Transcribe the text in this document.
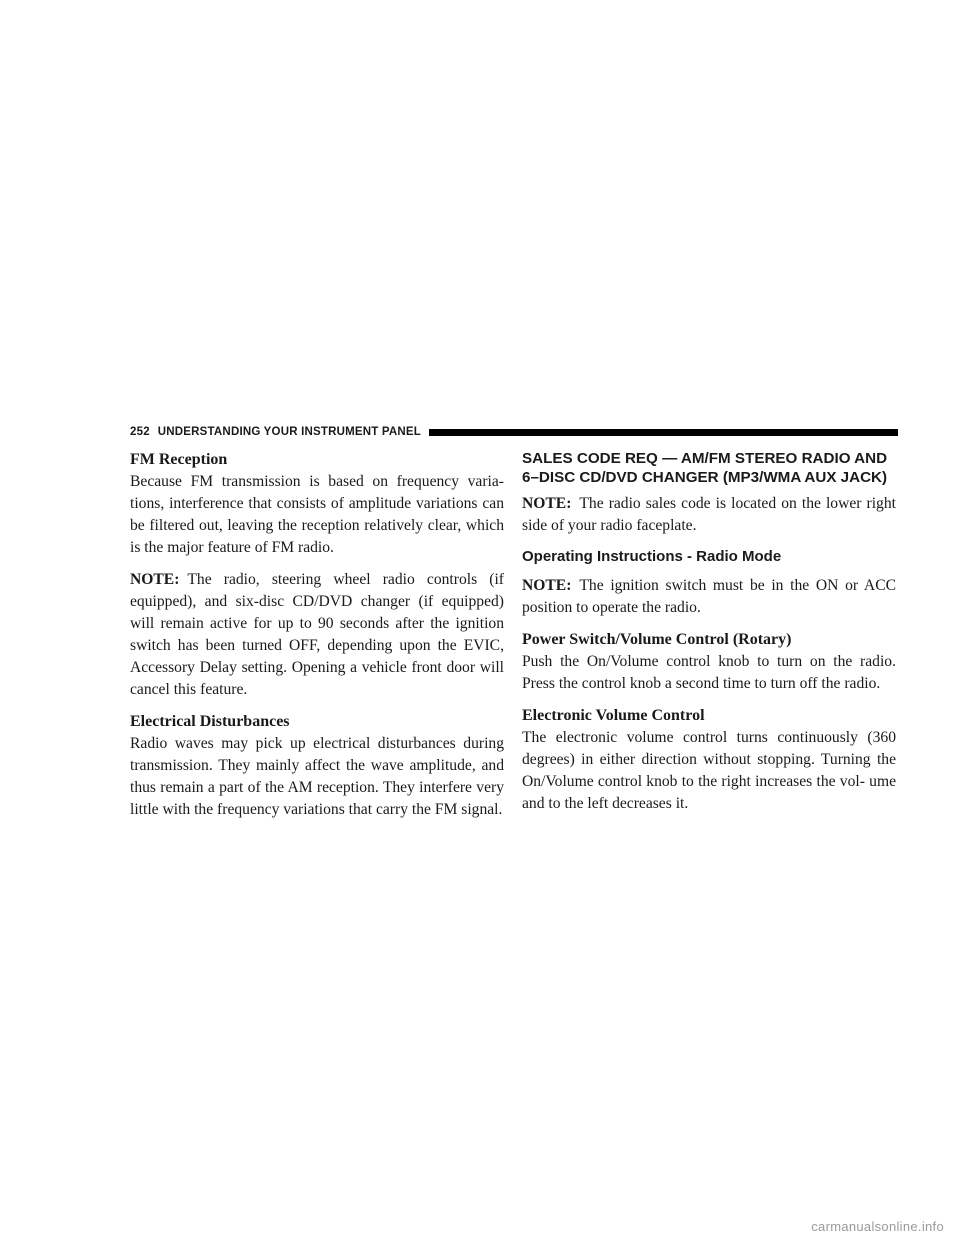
252 UNDERSTANDING YOUR INSTRUMENT PANEL

FM Reception

Because FM transmission is based on frequency varia- tions, interference that consists of amplitude variations can be filtered out, leaving the reception relatively clear, which is the major feature of FM radio.

NOTE: The radio, steering wheel radio controls (if equipped), and six-disc CD/DVD changer (if equipped) will remain active for up to 90 seconds after the ignition switch has been turned OFF, depending upon the EVIC, Accessory Delay setting. Opening a vehicle front door will cancel this feature.

Electrical Disturbances

Radio waves may pick up electrical disturbances during transmission. They mainly affect the wave amplitude, and thus remain a part of the AM reception. They interfere very little with the frequency variations that carry the FM signal.

SALES CODE REQ — AM/FM STEREO RADIO AND 6–DISC CD/DVD CHANGER (MP3/WMA AUX JACK)

NOTE: The radio sales code is located on the lower right side of your radio faceplate.

Operating Instructions - Radio Mode

NOTE: The ignition switch must be in the ON or ACC position to operate the radio.

Power Switch/Volume Control (Rotary)

Push the On/Volume control knob to turn on the radio. Press the control knob a second time to turn off the radio.

Electronic Volume Control

The electronic volume control turns continuously (360 degrees) in either direction without stopping. Turning the On/Volume control knob to the right increases the vol- ume and to the left decreases it.

carmanualsonline.info
